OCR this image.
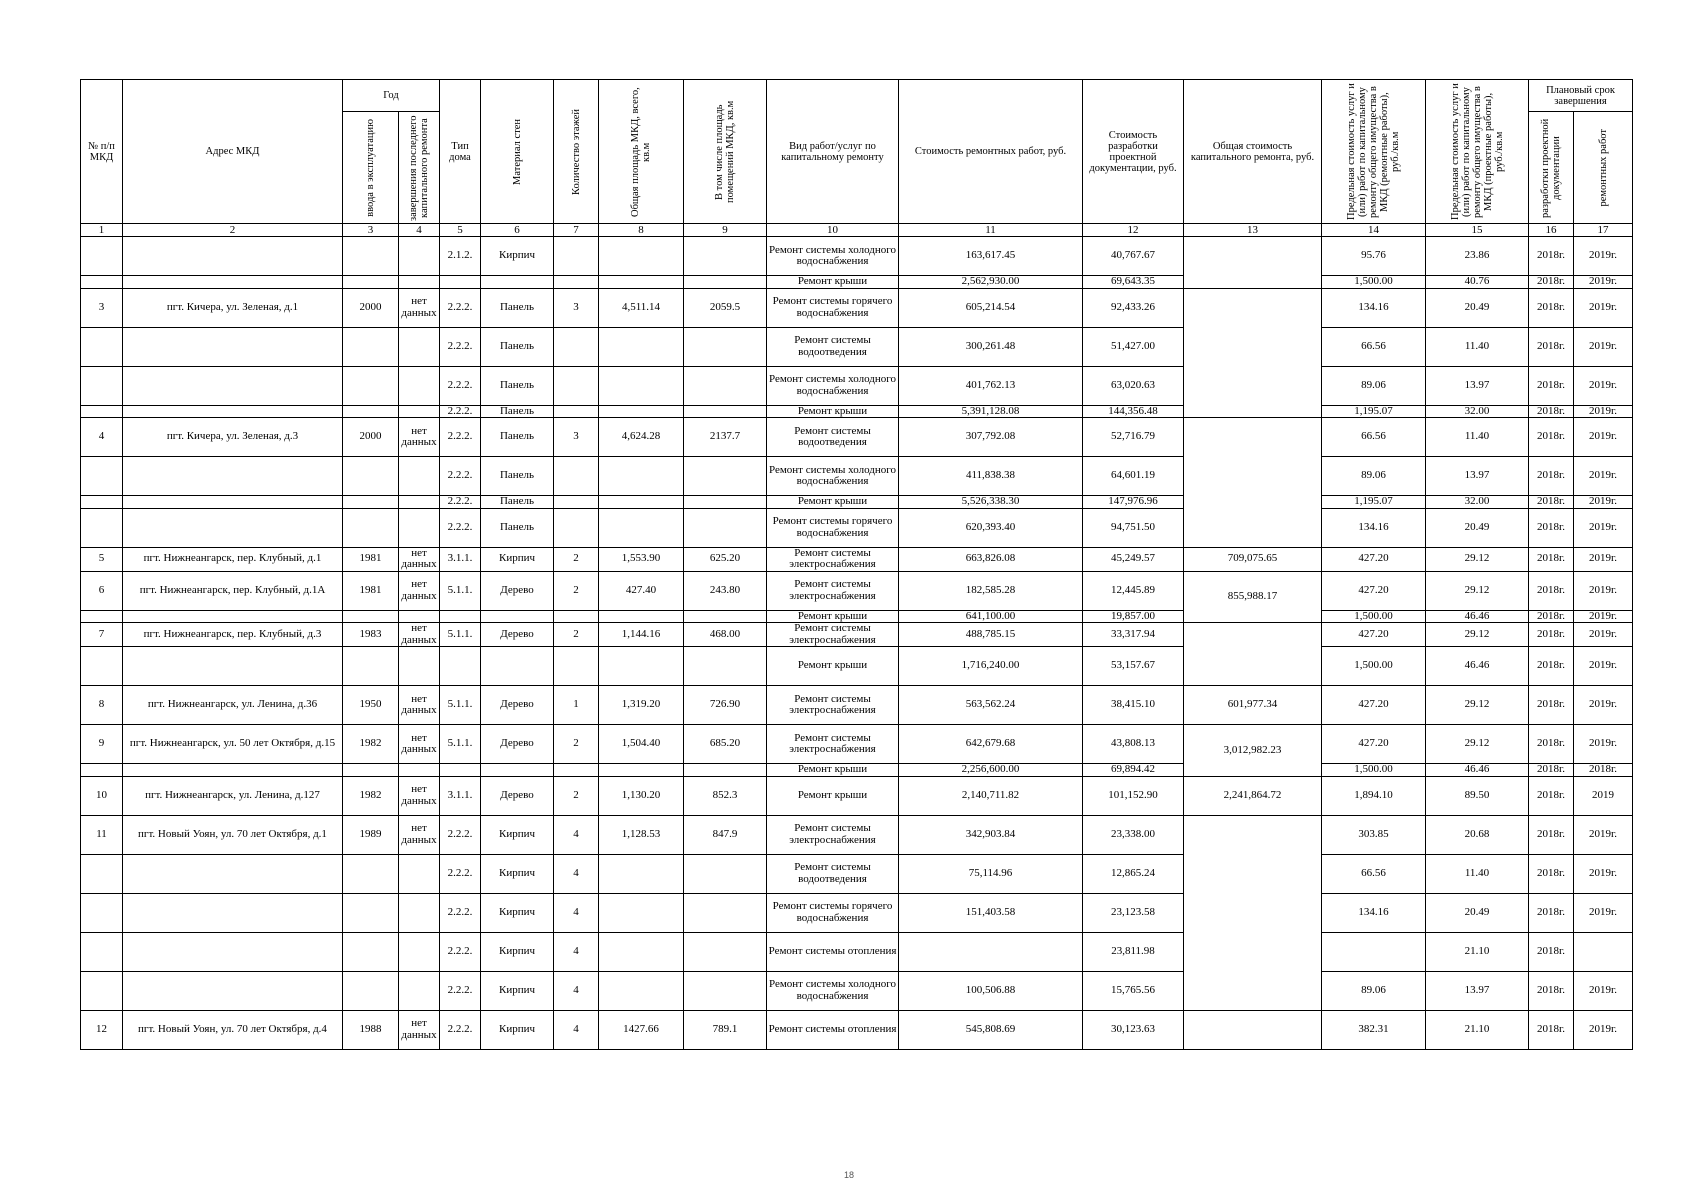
№ п/п МКД	Адрес МКД	Год		Тип дома	Материал стен	Количество этажей	Общая площадь МКД, всего, кв.м	В том числе площадь помещений МКД, кв.м	Вид работ/услуг по капитальному ремонту	Стоимость ремонтных работ, руб.	Стоимость разработки проектной документации, руб.	Общая стоимость капитального ремонта, руб.	Предельная стоимость услуг и (или) работ по капитальному ремонту общего имущества в МКД (ремонтные работы), руб./кв.м	Предельная стоимость услуг и (или) работ по капитальному ремонту общего имущества в МКД (проектные работы), руб./кв.м	Плановый срок завершения	

		ввода в эксплуатацию	завершения последнего капитального ремонта												разработки проектной документации	ремонтных работ

1	2	3	4	5	6	7	8	9	10	11	12	13	14	15	16	17
				2.1.2.	Кирпич				Ремонт системы холодного водоснабжения	163,617.45	40,767.67		95.76	23.86	2018г.	2019г.
									Ремонт крыши	2,562,930.00	69,643.35		1,500.00	40.76	2018г.	2019г.
3	пгт. Кичера, ул. Зеленая, д.1	2000	нет данных	2.2.2.	Панель	3	4,511.14	2059.5	Ремонт системы горячего водоснабжения	605,214.54	92,433.26		134.16	20.49	2018г.	2019г.
				2.2.2.	Панель				Ремонт системы водоотведения	300,261.48	51,427.00		66.56	11.40	2018г.	2019г.
				2.2.2.	Панель				Ремонт системы холодного водоснабжения	401,762.13	63,020.63		89.06	13.97	2018г.	2019г.
				2.2.2.	Панель				Ремонт крыши	5,391,128.08	144,356.48		1,195.07	32.00	2018г.	2019г.
4	пгт. Кичера, ул. Зеленая, д.3	2000	нет данных	2.2.2.	Панель	3	4,624.28	2137.7	Ремонт системы водоотведения	307,792.08	52,716.79		66.56	11.40	2018г.	2019г.
				2.2.2.	Панель				Ремонт системы холодного водоснабжения	411,838.38	64,601.19		89.06	13.97	2018г.	2019г.
				2.2.2.	Панель				Ремонт крыши	5,526,338.30	147,976.96		1,195.07	32.00	2018г.	2019г.
				2.2.2.	Панель				Ремонт системы горячего водоснабжения	620,393.40	94,751.50		134.16	20.49	2018г.	2019г.
5	пгт. Нижнеангарск, пер. Клубный, д.1	1981	нет данных	3.1.1.	Кирпич	2	1,553.90	625.20	Ремонт системы электроснабжения	663,826.08	45,249.57	709,075.65	427.20	29.12	2018г.	2019г.
6	пгт. Нижнеангарск, пер. Клубный, д.1А	1981	нет данных	5.1.1.	Дерево	2	427.40	243.80	Ремонт системы электроснабжения	182,585.28	12,445.89	855,988.17	427.20	29.12	2018г.	2019г.
									Ремонт крыши	641,100.00	19,857.00		1,500.00	46.46	2018г.	2019г.
7	пгт. Нижнеангарск, пер. Клубный, д.3	1983	нет данных	5.1.1.	Дерево	2	1,144.16	468.00	Ремонт системы электроснабжения	488,785.15	33,317.94		427.20	29.12	2018г.	2019г.
									Ремонт крыши	1,716,240.00	53,157.67		1,500.00	46.46	2018г.	2019г.
8	пгт. Нижнеангарск, ул. Ленина, д.36	1950	нет данных	5.1.1.	Дерево	1	1,319.20	726.90	Ремонт системы электроснабжения	563,562.24	38,415.10	601,977.34	427.20	29.12	2018г.	2019г.
9	пгт. Нижнеангарск, ул. 50 лет Октября, д.15	1982	нет данных	5.1.1.	Дерево	2	1,504.40	685.20	Ремонт системы электроснабжения	642,679.68	43,808.13	3,012,982.23	427.20	29.12	2018г.	2019г.
									Ремонт крыши	2,256,600.00	69,894.42		1,500.00	46.46	2018г.	2018г.
10	пгт. Нижнеангарск, ул. Ленина, д.127	1982	нет данных	3.1.1.	Дерево	2	1,130.20	852.3	Ремонт крыши	2,140,711.82	101,152.90	2,241,864.72	1,894.10	89.50	2018г.	2019
11	пгт. Новый Уоян, ул. 70 лет Октября, д.1	1989	нет данных	2.2.2.	Кирпич	4	1,128.53	847.9	Ремонт системы электроснабжения	342,903.84	23,338.00		303.85	20.68	2018г.	2019г.
				2.2.2.	Кирпич	4			Ремонт системы водоотведения	75,114.96	12,865.24		66.56	11.40	2018г.	2019г.
				2.2.2.	Кирпич	4			Ремонт системы горячего водоснабжения	151,403.58	23,123.58		134.16	20.49	2018г.	2019г.
				2.2.2.	Кирпич	4			Ремонт системы отопления		23,811.98			21.10	2018г.	
				2.2.2.	Кирпич	4			Ремонт системы холодного водоснабжения	100,506.88	15,765.56		89.06	13.97	2018г.	2019г.
12	пгт. Новый Уоян, ул. 70 лет Октября, д.4	1988	нет данных	2.2.2.	Кирпич	4	1427.66	789.1	Ремонт системы отопления	545,808.69	30,123.63		382.31	21.10	2018г.	2019г.
18
